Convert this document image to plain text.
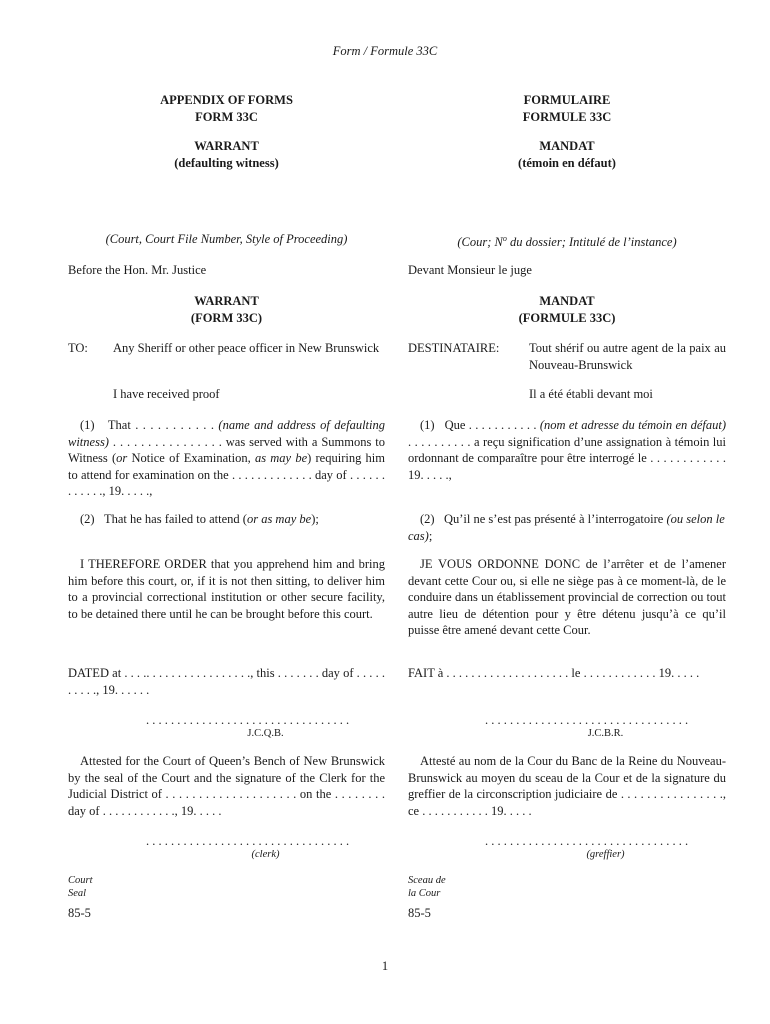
Form / Formule 33C
APPENDIX OF FORMS
FORM 33C
WARRANT
(defaulting witness)
(Court, Court File Number, Style of Proceeding)
Before the Hon. Mr. Justice
WARRANT
(FORM 33C)
TO:	Any Sheriff or other peace officer in New Brunswick
I have received proof

(1)   That . . . . . . . . . . . (name and address of defaulting witness) . . . . . . . . . . . . . . . . was served with a Summons to Witness (or Notice of Examination, as may be) requiring him to attend for examination on the . . . . . . . . . . . . . day of . . . . . . . . . . . ., 19. . . . .,

(2)   That he has failed to attend (or as may be);

I THEREFORE ORDER that you apprehend him and bring him before this court, or, if it is not then sitting, to deliver him to a provincial correctional institution or other secure facility, to be detained there until he can be brought before this court.

DATED at . . . .. . . . . . . . . . . . . . . . ., this . . . . . . . day of . . . . . . . . . ., 19. . . . . .

. . . . . . . . . . . . . . . . . . . . . . . . . . . . . . . . .
J.C.Q.B.

Attested for the Court of Queen’s Bench of New Brunswick by the seal of the Court and the signature of the Clerk for the Judicial District of . . . . . . . . . . . . . . . . . . . . on the . . . . . . . . day of . . . . . . . . . . . ., 19. . . . .

. . . . . . . . . . . . . . . . . . . . . . . . . . . . . . . . .
(clerk)
Court
Seal
85-5
FORMULAIRE
FORMULE 33C
MANDAT
(témoin en défaut)
(Cour; $N^o$ du dossier; Intitulé de l’instance)
Devant Monsieur le juge
MANDAT
(FORMULE 33C)
DESTINATAIRE:	Tout shérif ou autre agent de la paix au Nouveau-Brunswick
Il a été établi devant moi

(1)   Que . . . . . . . . . . . (nom et adresse du témoin en défaut) . . . . . . . . . . a reçu signification d’une assignation à témoin lui ordonnant de comparaître pour être interrogé le . . . . . . . . . . . . 19. . . . .,

(2)   Qu’il ne s’est pas présenté à l’interrogatoire (ou selon le cas);

JE VOUS ORDONNE DONC de l’arrêter et de l’amener devant cette Cour ou, si elle ne siège pas à ce moment-là, de le conduire dans un établissement provincial de correction ou tout autre lieu de détention pour y être détenu jusqu’à ce qu’il puisse être amené devant cette Cour.

FAIT à . . . . . . . . . . . . . . . . . . . . le . . . . . . . . . . . . 19. . . . .

. . . . . . . . . . . . . . . . . . . . . . . . . . . . . . . . .
J.C.B.R.

Attesté au nom de la Cour du Banc de la Reine du Nouveau-Brunswick au moyen du sceau de la Cour et de la signature du greffier de la circonscription judiciaire de . . . . . . . . . . . . . . . ., ce . . . . . . . . . . . 19. . . . .

. . . . . . . . . . . . . . . . . . . . . . . . . . . . . . . . .
(greffier)
Sceau de
la Cour
85-5
1
